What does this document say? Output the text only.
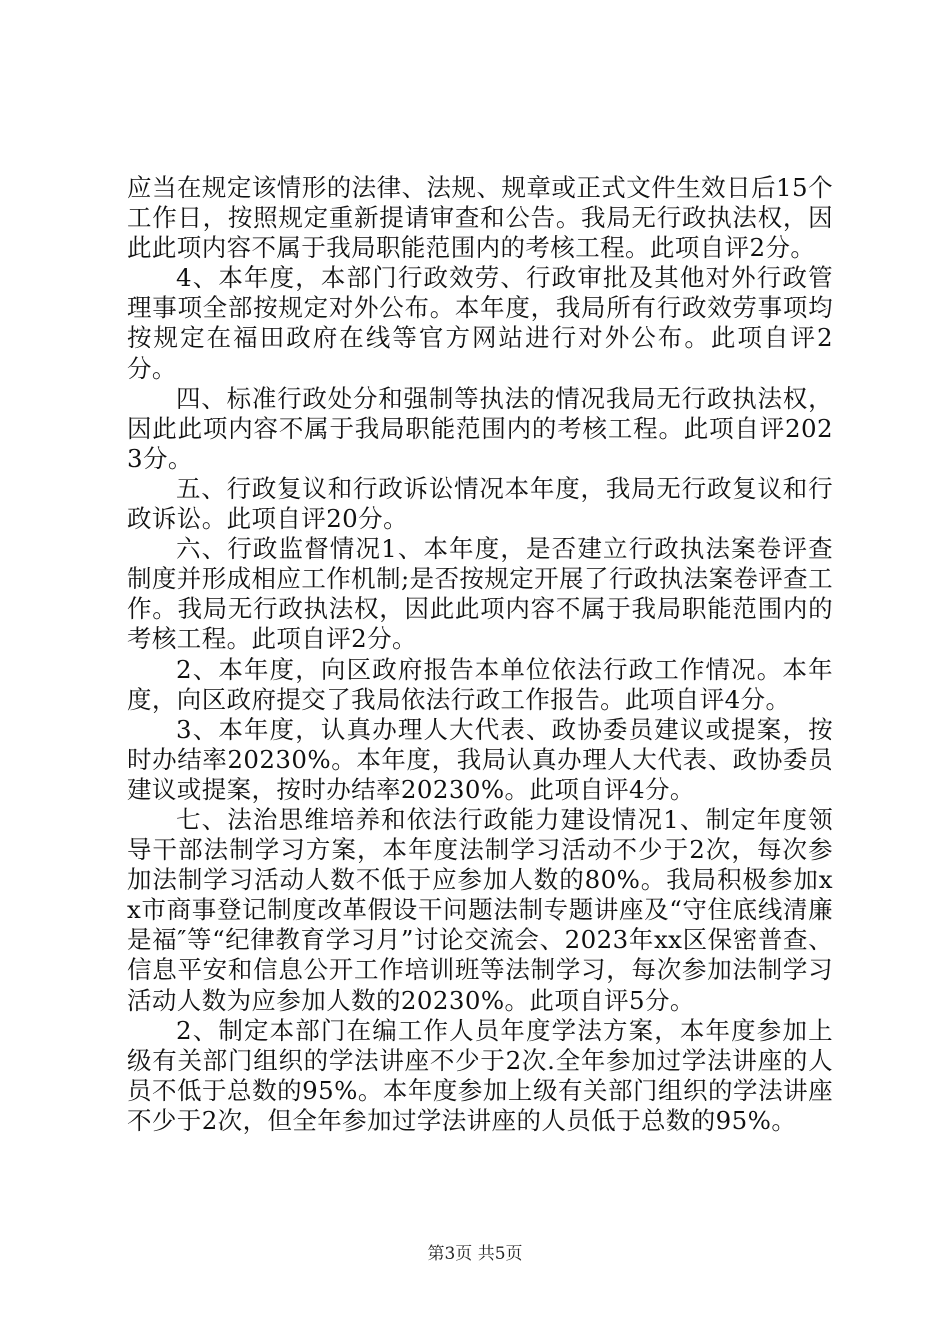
应当在规定该情形的法律、法规、规章或正式文件生效日后15个工作日，按照规定重新提请审查和公告。我局无行政执法权，因此此项内容不属于我局职能范围内的考核工程。此项自评2分。

4、本年度，本部门行政效劳、行政审批及其他对外行政管理事项全部按规定对外公布。本年度，我局所有行政效劳事项均按规定在福田政府在线等官方网站进行对外公布。此项自评2分。

四、标准行政处分和强制等执法的情况我局无行政执法权，因此此项内容不属于我局职能范围内的考核工程。此项自评2023分。

五、行政复议和行政诉讼情况本年度，我局无行政复议和行政诉讼。此项自评20分。

六、行政监督情况1、本年度，是否建立行政执法案卷评查制度并形成相应工作机制;是否按规定开展了行政执法案卷评查工作。我局无行政执法权，因此此项内容不属于我局职能范围内的考核工程。此项自评2分。

2、本年度，向区政府报告本单位依法行政工作情况。本年度，向区政府提交了我局依法行政工作报告。此项自评4分。

3、本年度，认真办理人大代表、政协委员建议或提案，按时办结率20230%。本年度，我局认真办理人大代表、政协委员建议或提案，按时办结率20230%。此项自评4分。

七、法治思维培养和依法行政能力建设情况1、制定年度领导干部法制学习方案，本年度法制学习活动不少于2次，每次参加法制学习活动人数不低于应参加人数的80%。我局积极参加xx市商事登记制度改革假设干问题法制专题讲座及“守住底线清廉是福″等“纪律教育学习月”讨论交流会、2023年xx区保密普查、信息平安和信息公开工作培训班等法制学习，每次参加法制学习活动人数为应参加人数的20230%。此项自评5分。

2、制定本部门在编工作人员年度学法方案，本年度参加上级有关部门组织的学法讲座不少于2次.全年参加过学法讲座的人员不低于总数的95%。本年度参加上级有关部门组织的学法讲座不少于2次，但全年参加过学法讲座的人员低于总数的95%。

第3页 共5页
